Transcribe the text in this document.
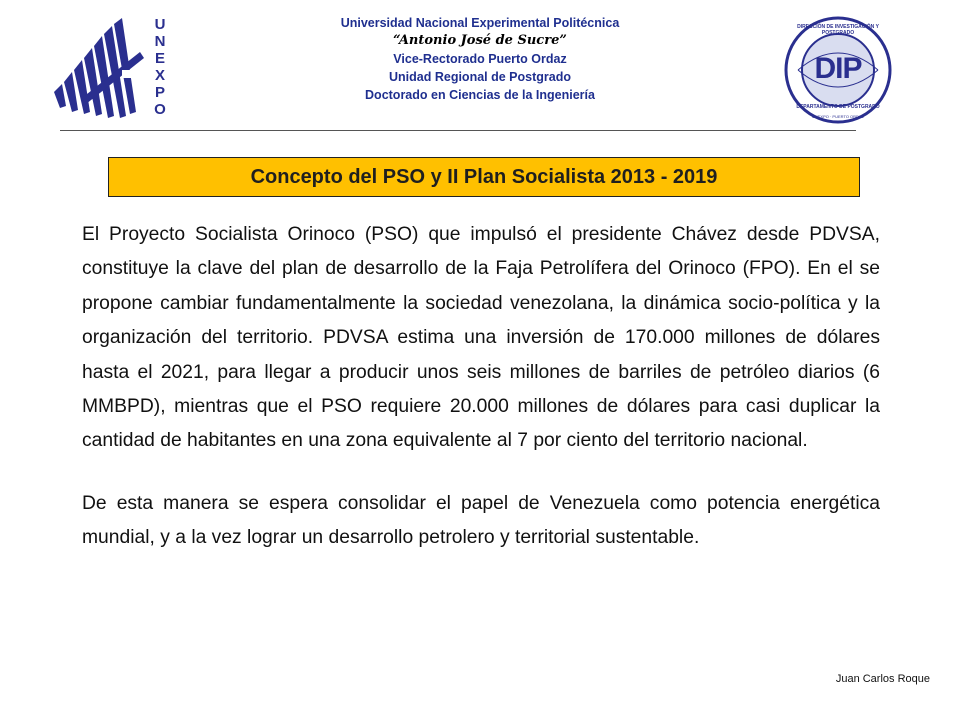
UNEXPO
Universidad Nacional Experimental Politécnica
“Antonio José de Sucre”
Vice-Rectorado Puerto Ordaz
Unidad Regional de Postgrado
Doctorado en Ciencias de la Ingeniería
DIP
DIRECCIÓN DE INVESTIGACIÓN Y POSTGRADO
DEPARTAMENTO DE POSTGRADO
UNEXPO · PUERTO ORDAZ
Concepto del PSO y II Plan Socialista 2013 - 2019

El Proyecto Socialista Orinoco (PSO) que impulsó el presidente Chávez desde PDVSA, constituye la clave del plan de desarrollo de la Faja Petrolífera del Orinoco (FPO). En el se propone cambiar fundamentalmente la sociedad venezolana, la dinámica socio-política y la organización del territorio. PDVSA estima una inversión de 170.000 millones de dólares hasta el 2021, para llegar a producir unos seis millones de barriles de petróleo diarios (6 MMBPD), mientras que el PSO requiere 20.000 millones de dólares para casi duplicar la cantidad de habitantes en una zona equivalente al 7 por ciento del territorio nacional.

De esta manera se espera consolidar el papel de Venezuela como potencia energética mundial, y a la vez lograr un desarrollo petrolero y territorial sustentable.

Juan Carlos Roque
